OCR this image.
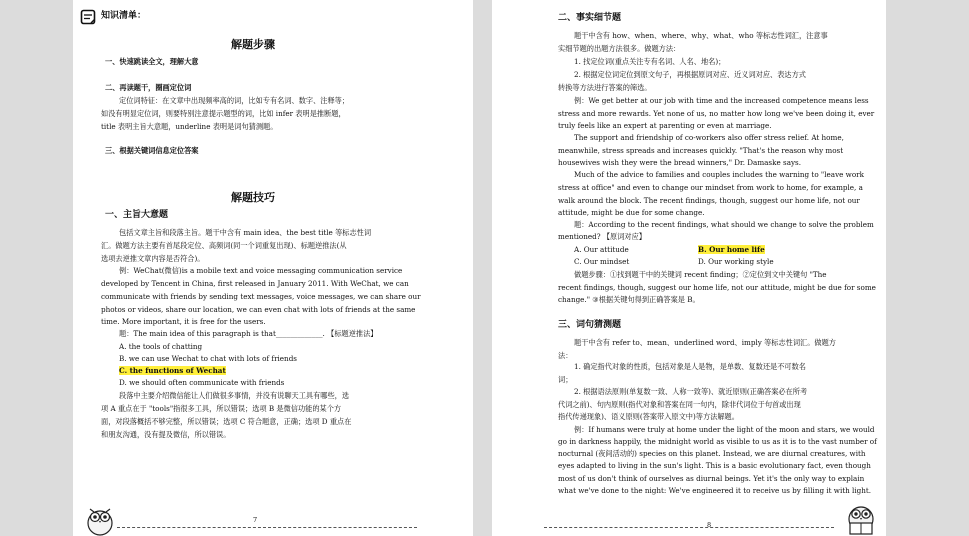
知识清单：
解题步骤
一、快速跳读全文，理解大意
二、再读题干，圈画定位词
定位词特征：在文章中出现频率高的词，比如专有名词、数字、注释等；
如没有明显定位词，则要特别注意提示题型的词，比如 infer 表明是推断题，
title 表明主旨大意题，underline 表明是词句猜测题。
三、根据关键词信息定位答案
解题技巧
一、主旨大意题
包括文章主旨和段落主旨。题干中含有 main idea、the best title 等标志性词
汇。做题方法主要有首尾段定位、高频词(同一个词重复出现)、标题逆推法(从
选项去逆推文章内容是否符合)。
例：WeChat(微信)is a mobile text and voice messaging communication service
developed by Tencent in China, first released in January 2011. With WeChat, we can
communicate with friends by sending text messages, voice messages, we can share our
photos or videos, share our location, we can even chat with lots of friends at the same
time. More important, it is free for the users.
题：The main idea of this paragraph is that_____________. 【标题逆推法】
A. the tools of chatting
B. we can use Wechat to chat with lots of friends
C. the functions of Wechat
D. we should often communicate with friends
段落中主要介绍微信能让人们做很多事情，并没有说聊天工具有哪些，选
项 A 重点在于 "tools"指很多工具，所以错误；选项 B 是微信功能的某个方
面，对段落概括不够完整，所以错误；选项 C 符合题意，正确；选项 D 重点在
和朋友沟通，没有提及微信，所以错误。
7
二、事实细节题
题干中含有 how、when、where、why、what、who 等标志性词汇，注意事
实细节题的出题方法很多。做题方法：
1. 找定位词(重点关注专有名词、人名、地名)；
2. 根据定位词定位到原文句子，再根据原词对应、近义词对应、表达方式
转换等方法进行答案的筛选。
例：We get better at our job with time and the increased competence means less
stress and more rewards. Yet none of us, no matter how long we've been doing it, ever
truly feels like an expert at parenting or even at marriage.
The support and friendship of co-workers also offer stress relief. At home,
meanwhile, stress spreads and increases quickly. "That's the reason why most
housewives wish they were the bread winners," Dr. Damaske says.
Much of the advice to families and couples includes the warning to "leave work
stress at office" and even to change our mindset from work to home, for example, a
walk around the block. The recent findings, though, suggest our home life, not our
attitude, might be due for some change.
题：According to the recent findings, what should we change to solve the problem
mentioned? 【原词对应】
A. Our attitude	B. Our home life
C. Our mindset	D. Our working style
做题步骤：①找到题干中的关键词 recent finding；②定位到文中关键句 "The
recent findings, though, suggest our home life, not our attitude, might be due for some
change." ③根据关键句得到正确答案是 B。
三、词句猜测题
题干中含有 refer to、mean、underlined word、imply 等标志性词汇。做题方
法：
1. 确定指代对象的性质，包括对象是人是物，是单数、复数还是不可数名
词；
2. 根据语法原则(单复数一致、人称一致等)、就近原则(正确答案必在所考
代词之前)、句内原则(指代对象和答案在同一句内，除非代词位于句首或出现
指代传递现象)、语义原则(答案带入原文中)等方法解题。
例：If humans were truly at home under the light of the moon and stars, we would
go in darkness happily, the midnight world as visible to us as it is to the vast number of
nocturnal (夜间活动的) species on this planet. Instead, we are diurnal creatures, with
eyes adapted to living in the sun's light. This is a basic evolutionary fact, even though
most of us don't think of ourselves as diurnal beings. Yet it's the only way to explain
what we've done to the night: We've engineered it to receive us by filling it with light.
8
